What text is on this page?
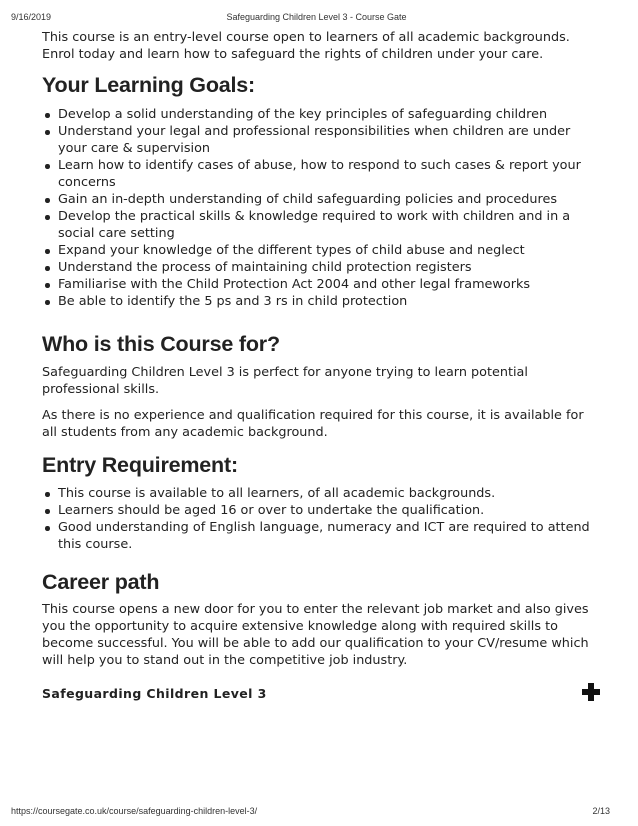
9/16/2019	Safeguarding Children Level 3 - Course Gate

This course is an entry-level course open to learners of all academic backgrounds. Enrol today and learn how to safeguard the rights of children under your care.

Your Learning Goals:
Develop a solid understanding of the key principles of safeguarding children
Understand your legal and professional responsibilities when children are under your care & supervision
Learn how to identify cases of abuse, how to respond to such cases & report your concerns
Gain an in-depth understanding of child safeguarding policies and procedures
Develop the practical skills & knowledge required to work with children and in a social care setting
Expand your knowledge of the different types of child abuse and neglect
Understand the process of maintaining child protection registers
Familiarise with the Child Protection Act 2004 and other legal frameworks
Be able to identify the 5 ps and 3 rs in child protection
Who is this Course for?

Safeguarding Children Level 3 is perfect for anyone trying to learn potential professional skills.

As there is no experience and qualification required for this course, it is available for all students from any academic background.

Entry Requirement:
This course is available to all learners, of all academic backgrounds.
Learners should be aged 16 or over to undertake the qualification.
Good understanding of English language, numeracy and ICT are required to attend this course.
Career path

This course opens a new door for you to enter the relevant job market and also gives you the opportunity to acquire extensive knowledge along with required skills to become successful. You will be able to add our qualification to your CV/resume which will help you to stand out in the competitive job industry.

Safeguarding Children Level 3
https://coursegate.co.uk/course/safeguarding-children-level-3/	2/13
